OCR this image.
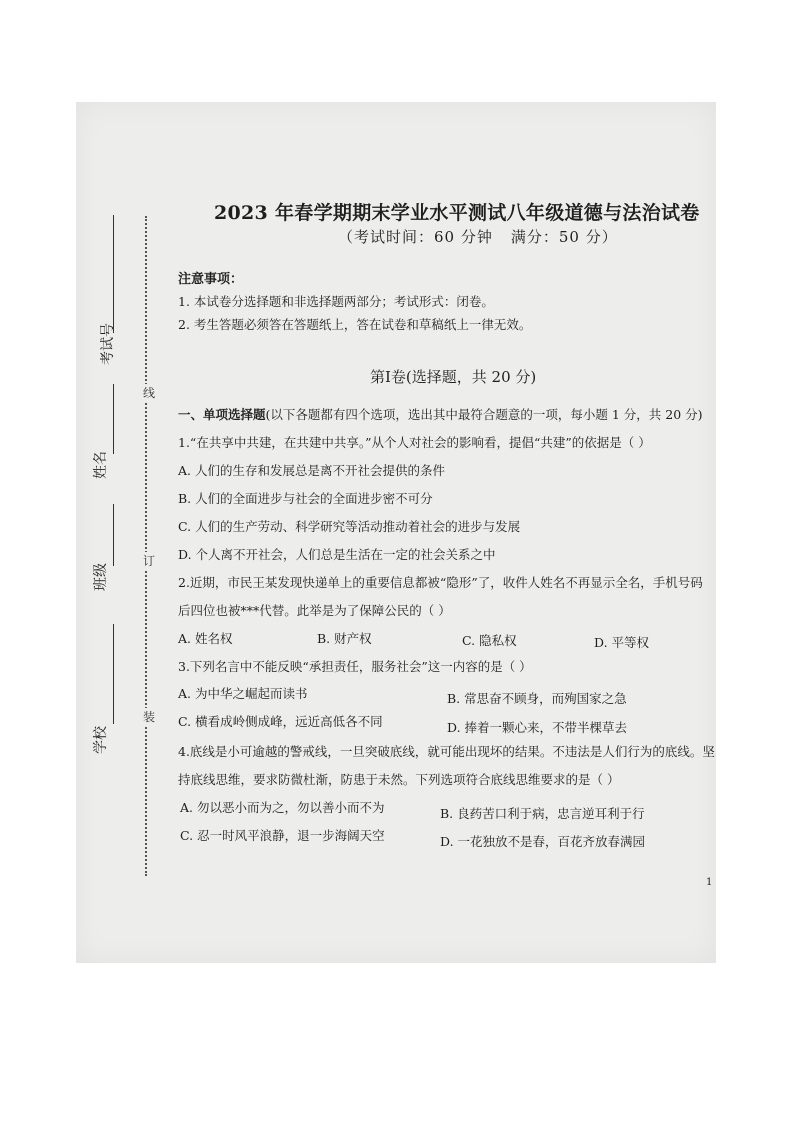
线
订
装
考试号
姓名
班级
学校
2023 年春学期期末学业水平测试八年级道德与法治试卷
（考试时间：60 分钟 满分：50 分）
注意事项：
1. 本试卷分选择题和非选择题两部分；考试形式：闭卷。
2. 考生答题必须答在答题纸上，答在试卷和草稿纸上一律无效。
第Ⅰ卷(选择题，共 20 分)
一、单项选择题(以下各题都有四个选项，选出其中最符合题意的一项，每小题 1 分，共 20 分)
1.“在共享中共建，在共建中共享。”从个人对社会的影响看，提倡“共建”的依据是（ ）
A. 人们的生存和发展总是离不开社会提供的条件
B. 人们的全面进步与社会的全面进步密不可分
C. 人们的生产劳动、科学研究等活动推动着社会的进步与发展
D. 个人离不开社会，人们总是生活在一定的社会关系之中
2.近期，市民王某发现快递单上的重要信息都被“隐形”了，收件人姓名不再显示全名，手机号码
后四位也被***代替。此举是为了保障公民的（ ）
A. 姓名权	B. 财产权	C. 隐私权	D. 平等权
3.下列名言中不能反映“承担责任，服务社会”这一内容的是（ ）
A. 为中华之崛起而读书	B. 常思奋不顾身，而殉国家之急
C. 横看成岭侧成峰，远近高低各不同	D. 捧着一颗心来，不带半棵草去
4.底线是小可逾越的警戒线，一旦突破底线，就可能出现坏的结果。不违法是人们行为的底线。坚
持底线思维，要求防微杜渐，防患于未然。下列选项符合底线思维要求的是（ ）
A. 勿以恶小而为之，勿以善小而不为	B. 良药苦口利于病，忠言逆耳利于行
C. 忍一时风平浪静，退一步海阔天空	D. 一花独放不是春，百花齐放春满园
1
